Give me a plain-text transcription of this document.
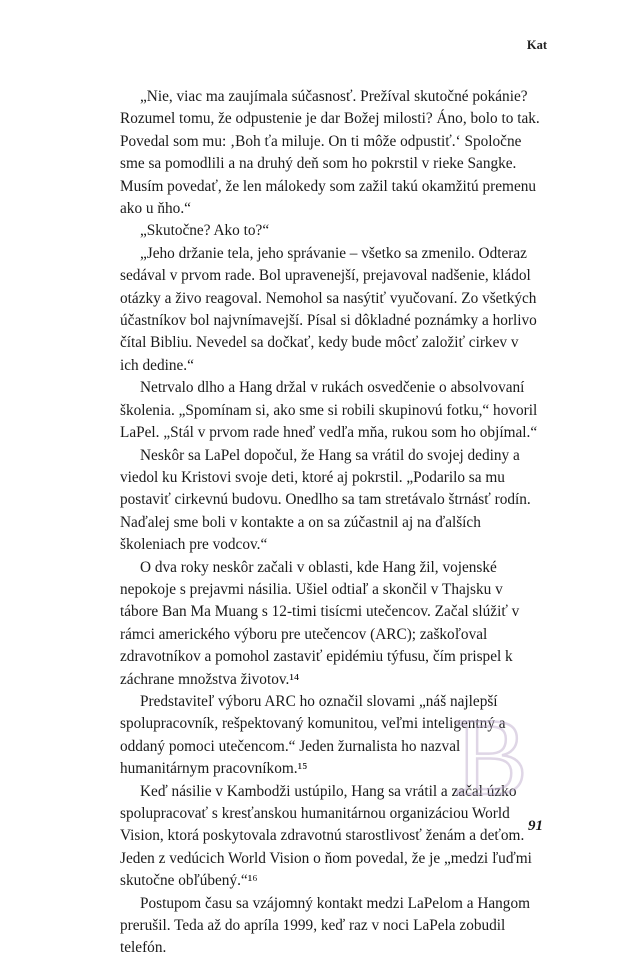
Kat

„Nie, viac ma zaujímala súčasnosť. Prežíval skutočné pokánie? Rozumel tomu, že odpustenie je dar Božej milosti? Áno, bolo to tak. Povedal som mu: ‚Boh ťa miluje. On ti môže odpustiť.‘ Spoločne sme sa pomodlili a na druhý deň som ho pokrstil v rieke Sangke. Musím povedať, že len málokedy som zažil takú okamžitú premenu ako u ňho.“

„Skutočne? Ako to?“

„Jeho držanie tela, jeho správanie – všetko sa zmenilo. Odteraz sedával v prvom rade. Bol upravenejší, prejavoval nadšenie, kládol otázky a živo reagoval. Nemohol sa nasýtiť vyučovaní. Zo všetkých účastníkov bol najvnímavejší. Písal si dôkladné poznámky a horlivo čítal Bibliu. Nevedel sa dočkať, kedy bude môcť založiť cirkev v ich dedine.“

Netrvalo dlho a Hang držal v rukách osvedčenie o absolvovaní školenia. „Spomínam si, ako sme si robili skupinovú fotku,“ hovoril LaPel. „Stál v prvom rade hneď vedľa mňa, rukou som ho objímal.“

Neskôr sa LaPel dopočul, že Hang sa vrátil do svojej dediny a viedol ku Kristovi svoje deti, ktoré aj pokrstil. „Podarilo sa mu postaviť cirkevnú budovu. Onedlho sa tam stretávalo štrnásť rodín. Naďalej sme boli v kontakte a on sa zúčastnil aj na ďalších školeniach pre vodcov.“

O dva roky neskôr začali v oblasti, kde Hang žil, vojenské nepokoje s prejavmi násilia. Ušiel odtiaľ a skončil v Thajsku v tábore Ban Ma Muang s 12-timi tisícmi utečencov. Začal slúžiť v rámci amerického výboru pre utečencov (ARC); zaškoľoval zdravotníkov a pomohol zastaviť epidémiu týfusu, čím prispel k záchrane množstva životov.¹⁴

Predstaviteľ výboru ARC ho označil slovami „náš najlepší spolupracovník, rešpektovaný komunitou, veľmi inteligentný a oddaný pomoci utečencom.“ Jeden žurnalista ho nazval humanitárnym pracovníkom.¹⁵

Keď násilie v Kambodži ustúpilo, Hang sa vrátil a začal úzko spolupracovať s kresťanskou humanitárnou organizáciou World Vision, ktorá poskytovala zdravotnú starostlivosť ženám a deťom. Jeden z vedúcich World Vision o ňom povedal, že je „medzi ľuďmi skutočne obľúbený.“¹⁶

Postupom času sa vzájomný kontakt medzi LaPelom a Hangom prerušil. Teda až do apríla 1999, keď raz v noci LaPela zobudil telefón.

B
91
